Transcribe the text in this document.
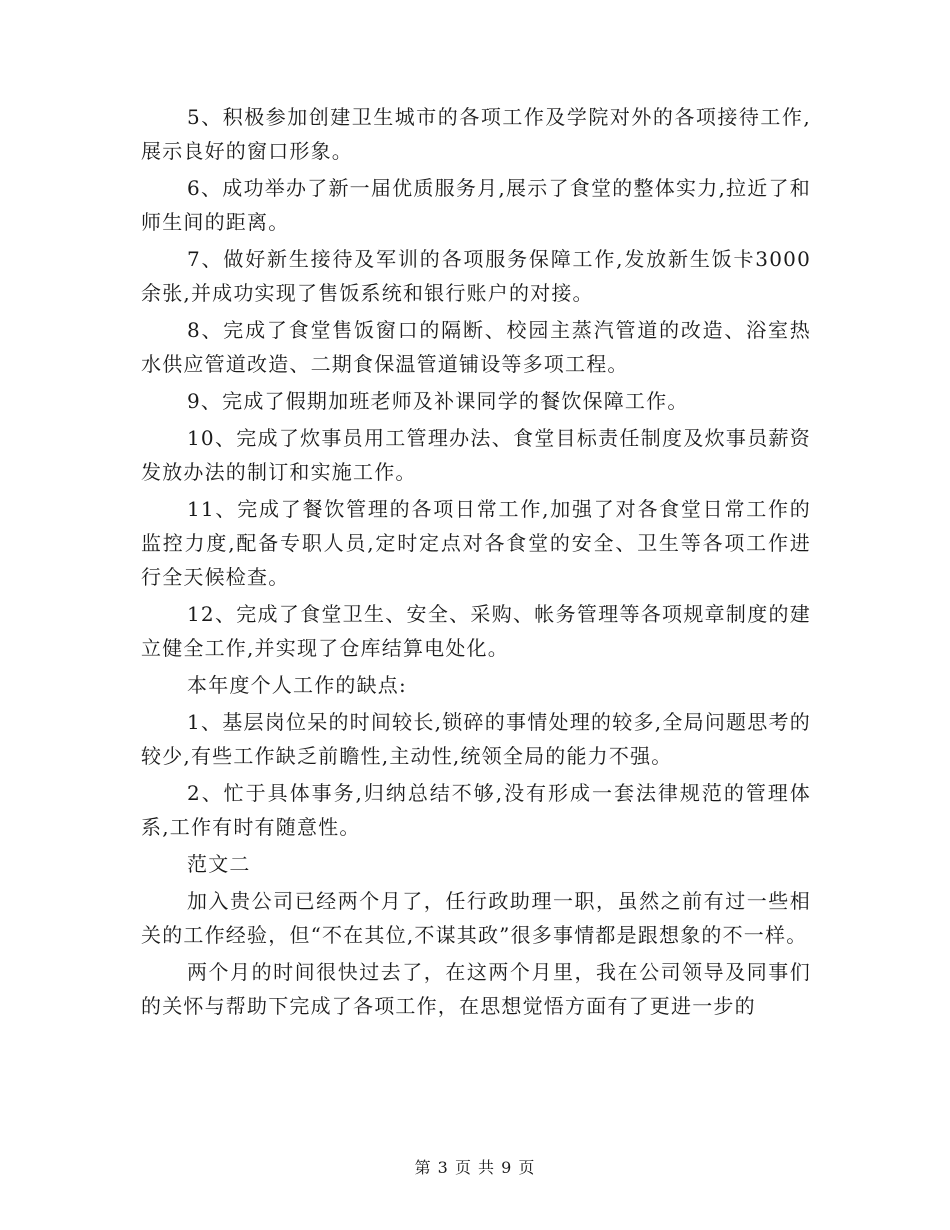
5、积极参加创建卫生城市的各项工作及学院对外的各项接待工作,展示良好的窗口形象。

6、成功举办了新一届优质服务月,展示了食堂的整体实力,拉近了和师生间的距离。

7、做好新生接待及军训的各项服务保障工作,发放新生饭卡3000余张,并成功实现了售饭系统和银行账户的对接。

8、完成了食堂售饭窗口的隔断、校园主蒸汽管道的改造、浴室热水供应管道改造、二期食保温管道铺设等多项工程。

9、完成了假期加班老师及补课同学的餐饮保障工作。

10、完成了炊事员用工管理办法、食堂目标责任制度及炊事员薪资发放办法的制订和实施工作。

11、完成了餐饮管理的各项日常工作,加强了对各食堂日常工作的监控力度,配备专职人员,定时定点对各食堂的安全、卫生等各项工作进行全天候检查。

12、完成了食堂卫生、安全、采购、帐务管理等各项规章制度的建立健全工作,并实现了仓库结算电处化。

本年度个人工作的缺点:

1、基层岗位呆的时间较长,锁碎的事情处理的较多,全局问题思考的较少,有些工作缺乏前瞻性,主动性,统领全局的能力不强。

2、忙于具体事务,归纳总结不够,没有形成一套法律规范的管理体系,工作有时有随意性。

范文二

加入贵公司已经两个月了，任行政助理一职，虽然之前有过一些相关的工作经验，但“不在其位,不谋其政”很多事情都是跟想象的不一样。

两个月的时间很快过去了，在这两个月里，我在公司领导及同事们的关怀与帮助下完成了各项工作，在思想觉悟方面有了更进一步的

第 3 页 共 9 页
